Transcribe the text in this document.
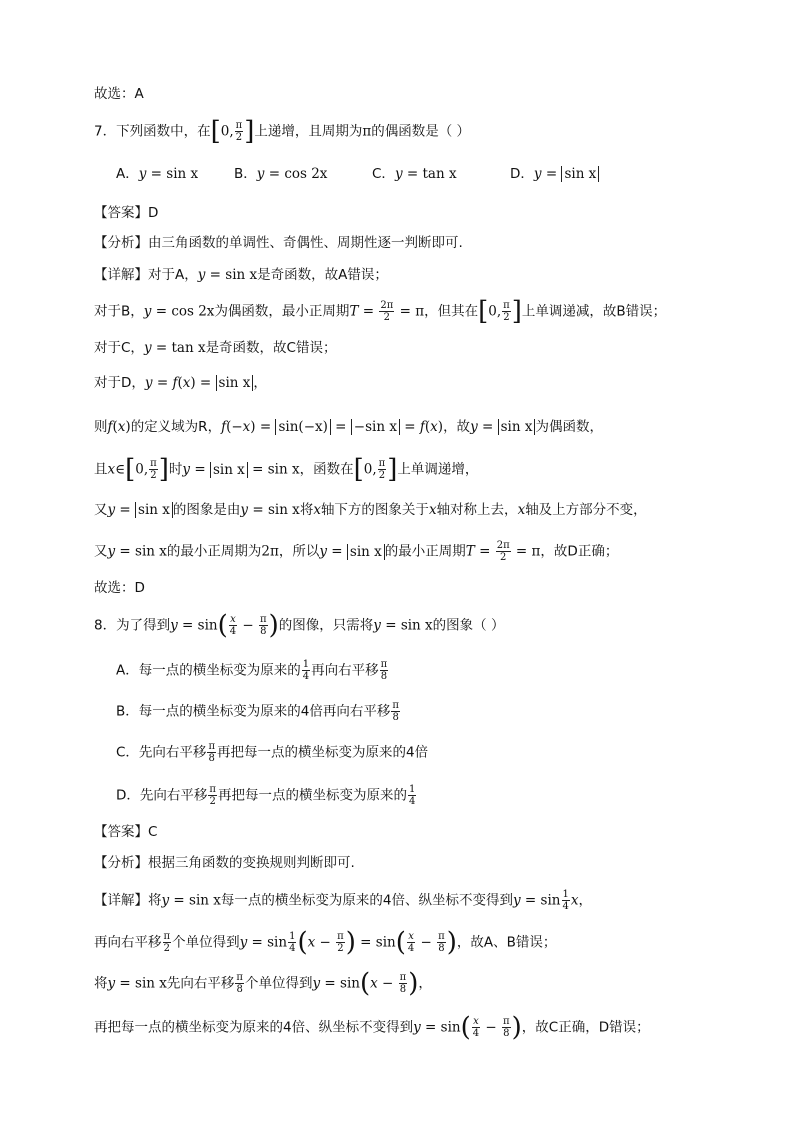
故选：A
7．下列函数中，在[0, $\frac{\pi}{2}$ ]上递增，且周期为π的偶函数是（ ）
A．y = sin x	B．y = cos 2x	C．y = tan x	D．y = sin x
【答案】D
【分析】由三角函数的单调性、奇偶性、周期性逐一判断即可.
【详解】对于A，y = sin x是奇函数，故A错误；
对于B，y = cos 2x为偶函数，最小正周期$T = \frac{2\pi}{2} = \pi$，但其在[0, $\frac{\pi}{2}$ ]上单调递减，故B错误；
对于C，y = tan x是奇函数，故C错误；
对于D，y = f(x) = sin x ，
则f(x)的定义域为R，f(−x) = sin(−x) = −sin x = f(x)，故y = sin x 为偶函数，
且x∈[0, $\frac{\pi}{2}$ ]时y = sin x = sin x，函数在[0, $\frac{\pi}{2}$ ]上单调递增，
又y = sin x 的图象是由y = sin x将x轴下方的图象关于x轴对称上去，x轴及上方部分不变，
又y = sin x的最小正周期为2π，所以y = sin x 的最小正周期$T = \frac{2\pi}{2} = \pi$，故D正确；
故选：D
8．为了得到$y = \sin( \frac{x}{4} - \frac{\pi}{8}$ )的图像，只需将y = sin x的图象（ ）
A．每一点的横坐标变为原来的 $\frac{1}{4}$ 再向右平移 $\frac{\pi}{8}$
B．每一点的横坐标变为原来的4倍再向右平移 $\frac{\pi}{8}$
C．先向右平移 $\frac{\pi}{8}$ 再把每一点的横坐标变为原来的4倍
D．先向右平移 $\frac{\pi}{2}$ 再把每一点的横坐标变为原来的 $\frac{1}{4}$
【答案】C
【分析】根据三角函数的变换规则判断即可.
【详解】将y = sin x每一点的横坐标变为原来的4倍、纵坐标不变得到$y = \sin \frac{1}{4}$ x，
再向右平移 $\frac{\pi}{2}$ 个单位得到$y = \sin \frac{1}{4} (x - \frac{\pi}{2}$ ) = $\sin( \frac{x}{4} - \frac{\pi}{8}$ )，故A、B错误；
将y = sin x先向右平移 $\frac{\pi}{8}$ 个单位得到$y = \sin(x - \frac{\pi}{8}$ )，
再把每一点的横坐标变为原来的4倍、纵坐标不变得到$y = \sin( \frac{x}{4} - \frac{\pi}{8}$ )，故C正确，D错误；
